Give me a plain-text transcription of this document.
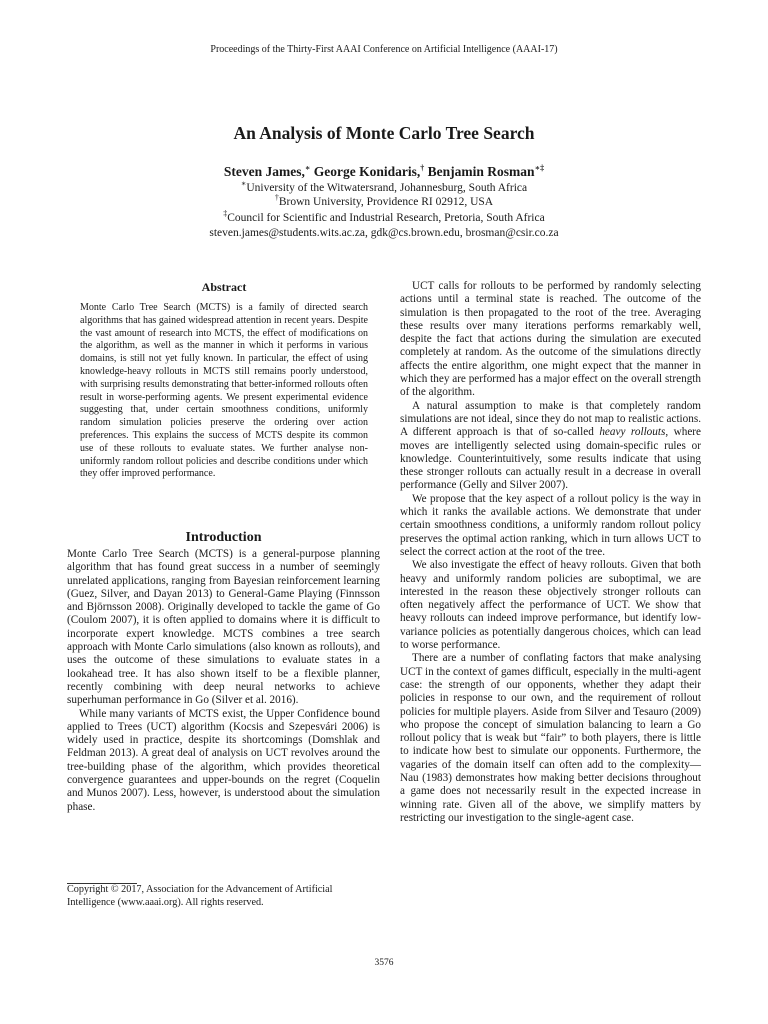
Proceedings of the Thirty-First AAAI Conference on Artificial Intelligence (AAAI-17)
An Analysis of Monte Carlo Tree Search
Steven James,∗ George Konidaris,† Benjamin Rosman∗‡
∗University of the Witwatersrand, Johannesburg, South Africa
†Brown University, Providence RI 02912, USA
‡Council for Scientific and Industrial Research, Pretoria, South Africa
steven.james@students.wits.ac.za, gdk@cs.brown.edu, brosman@csir.co.za
Abstract
Monte Carlo Tree Search (MCTS) is a family of directed search algorithms that has gained widespread attention in recent years. Despite the vast amount of research into MCTS, the effect of modifications on the algorithm, as well as the manner in which it performs in various domains, is still not yet fully known. In particular, the effect of using knowledge-heavy rollouts in MCTS still remains poorly understood, with surprising results demonstrating that better-informed rollouts often result in worse-performing agents. We present experimental evidence suggesting that, under certain smoothness conditions, uniformly random simulation policies preserve the ordering over action preferences. This explains the success of MCTS despite its common use of these rollouts to evaluate states. We further analyse non-uniformly random rollout policies and describe conditions under which they offer improved performance.
Introduction

Monte Carlo Tree Search (MCTS) is a general-purpose planning algorithm that has found great success in a number of seemingly unrelated applications, ranging from Bayesian reinforcement learning (Guez, Silver, and Dayan 2013) to General-Game Playing (Finnsson and Björnsson 2008). Originally developed to tackle the game of Go (Coulom 2007), it is often applied to domains where it is difficult to incorporate expert knowledge. MCTS combines a tree search approach with Monte Carlo simulations (also known as rollouts), and uses the outcome of these simulations to evaluate states in a lookahead tree. It has also shown itself to be a flexible planner, recently combining with deep neural networks to achieve superhuman performance in Go (Silver et al. 2016).

While many variants of MCTS exist, the Upper Confidence bound applied to Trees (UCT) algorithm (Kocsis and Szepesvári 2006) is widely used in practice, despite its shortcomings (Domshlak and Feldman 2013). A great deal of analysis on UCT revolves around the tree-building phase of the algorithm, which provides theoretical convergence guarantees and upper-bounds on the regret (Coquelin and Munos 2007). Less, however, is understood about the simulation phase.

Copyright © 2017, Association for the Advancement of Artificial Intelligence (www.aaai.org). All rights reserved.

UCT calls for rollouts to be performed by randomly selecting actions until a terminal state is reached. The outcome of the simulation is then propagated to the root of the tree. Averaging these results over many iterations performs remarkably well, despite the fact that actions during the simulation are executed completely at random. As the outcome of the simulations directly affects the entire algorithm, one might expect that the manner in which they are performed has a major effect on the overall strength of the algorithm.

A natural assumption to make is that completely random simulations are not ideal, since they do not map to realistic actions. A different approach is that of so-called heavy rollouts, where moves are intelligently selected using domain-specific rules or knowledge. Counterintuitively, some results indicate that using these stronger rollouts can actually result in a decrease in overall performance (Gelly and Silver 2007).

We propose that the key aspect of a rollout policy is the way in which it ranks the available actions. We demonstrate that under certain smoothness conditions, a uniformly random rollout policy preserves the optimal action ranking, which in turn allows UCT to select the correct action at the root of the tree.

We also investigate the effect of heavy rollouts. Given that both heavy and uniformly random policies are suboptimal, we are interested in the reason these objectively stronger rollouts can often negatively affect the performance of UCT. We show that heavy rollouts can indeed improve performance, but identify low-variance policies as potentially dangerous choices, which can lead to worse performance.

There are a number of conflating factors that make analysing UCT in the context of games difficult, especially in the multi-agent case: the strength of our opponents, whether they adapt their policies in response to our own, and the requirement of rollout policies for multiple players. Aside from Silver and Tesauro (2009) who propose the concept of simulation balancing to learn a Go rollout policy that is weak but “fair” to both players, there is little to indicate how best to simulate our opponents. Furthermore, the vagaries of the domain itself can often add to the complexity—Nau (1983) demonstrates how making better decisions throughout a game does not necessarily result in the expected increase in winning rate. Given all of the above, we simplify matters by restricting our investigation to the single-agent case.

3576
